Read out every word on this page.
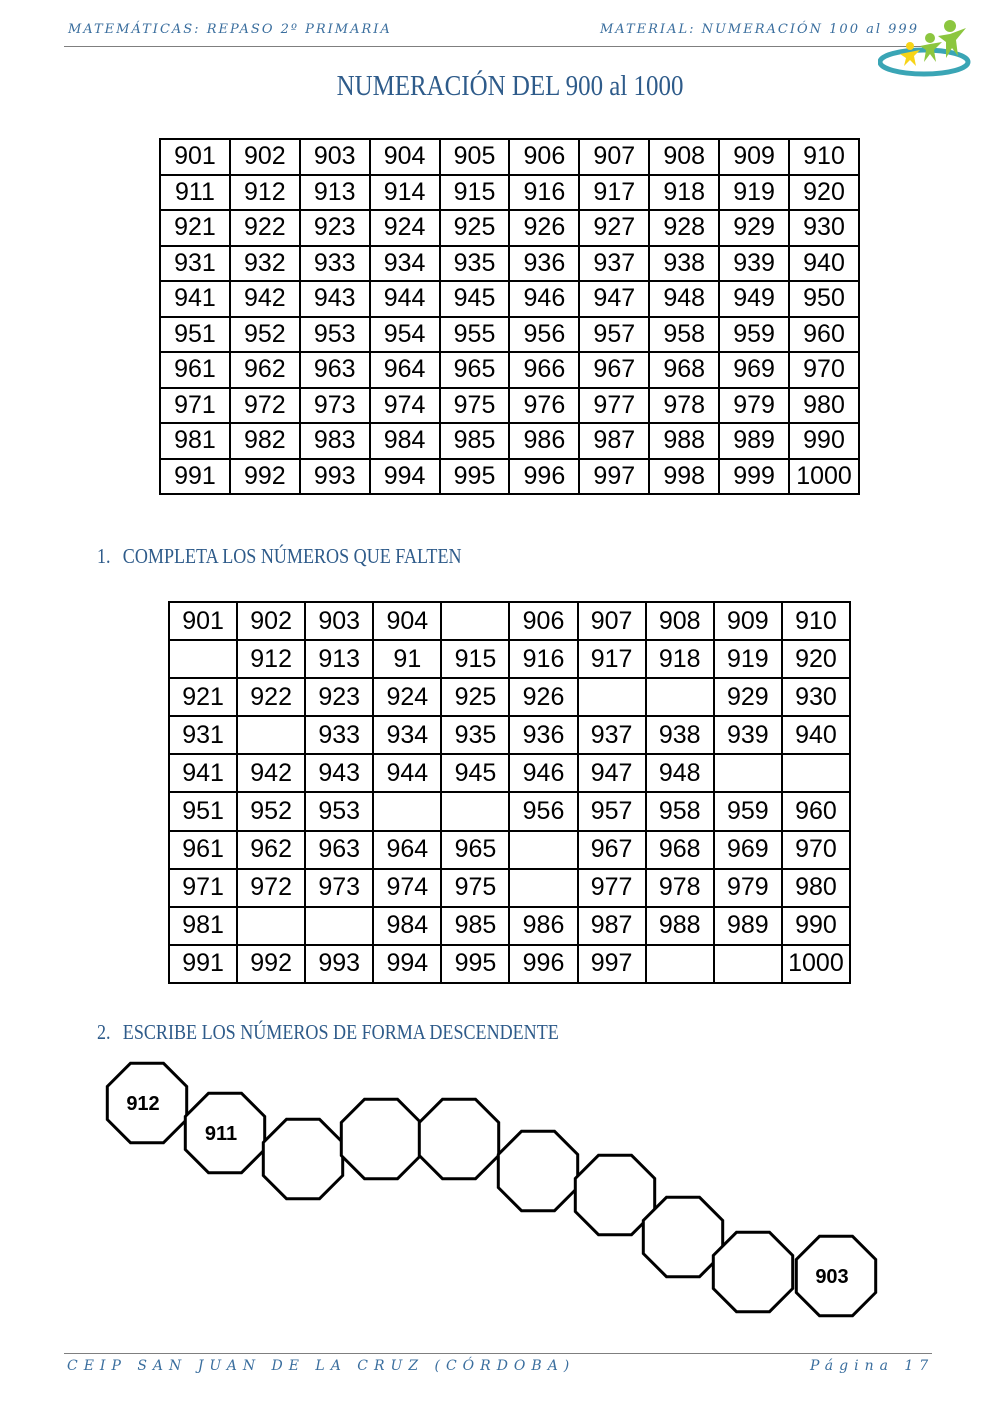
MATEMÁTICAS: REPASO 2º PRIMARIA	MATERIAL: NUMERACIÓN 100 al 999
NUMERACIÓN DEL 900 al 1000
901	902	903	904	905	906	907	908	909	910
911	912	913	914	915	916	917	918	919	920
921	922	923	924	925	926	927	928	929	930
931	932	933	934	935	936	937	938	939	940
941	942	943	944	945	946	947	948	949	950
951	952	953	954	955	956	957	958	959	960
961	962	963	964	965	966	967	968	969	970
971	972	973	974	975	976	977	978	979	980
981	982	983	984	985	986	987	988	989	990
991	992	993	994	995	996	997	998	999	1000
1. COMPLETA LOS NÚMEROS QUE FALTEN
901	902	903	904		906	907	908	909	910
	912	913	91	915	916	917	918	919	920
921	922	923	924	925	926			929	930
931		933	934	935	936	937	938	939	940
941	942	943	944	945	946	947	948		
951	952	953			956	957	958	959	960
961	962	963	964	965		967	968	969	970
971	972	973	974	975		977	978	979	980
981			984	985	986	987	988	989	990
991	992	993	994	995	996	997			1000
2. ESCRIBE LOS NÚMEROS DE FORMA DESCENDENTE
912
911
903
CEIP SAN JUAN DE LA CRUZ (CÓRDOBA)	Página 17
